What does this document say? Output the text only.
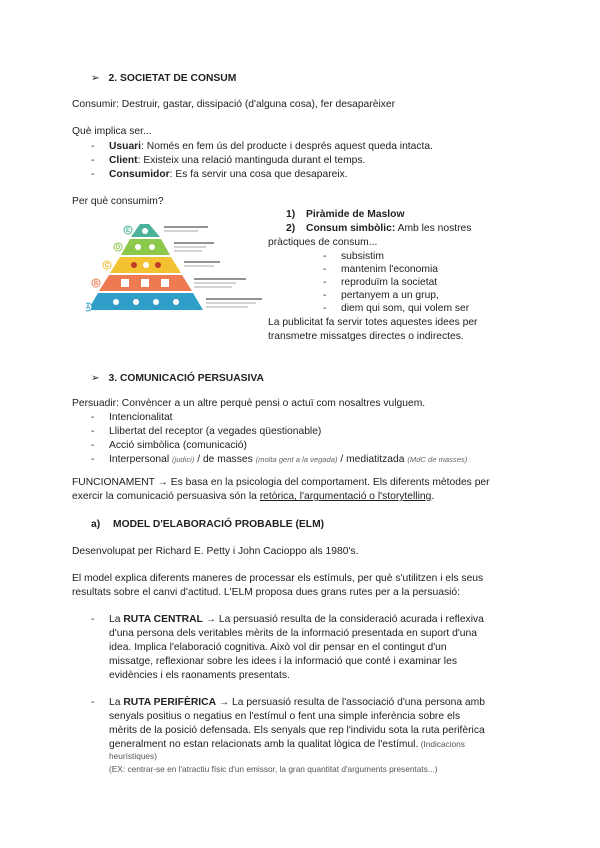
➢ 2. SOCIETAT DE CONSUM
Consumir: Destruir, gastar, dissipació (d'alguna cosa), fer desaparèixer
Què implica ser...
- Usuari: Només en fem ús del producte i després aquest queda intacta.
- Client: Existeix una relació mantinguda durant el temps.
- Consumidor: Es fa servir una cosa que desapareix.
Per què consumim?
E
D
C
B
A
1) Piràmide de Maslow
2) Consum simbòlic: Amb les nostres
pràctiques de consum...
- subsistim
- mantenim l'economia
- reproduïm la societat
- pertanyem a un grup,
- diem qui som, qui volem ser
La publicitat fa servir totes aquestes idees per
transmetre missatges directes o indirectes.
➢ 3. COMUNICACIÓ PERSUASIVA
Persuadir: Convèncer a un altre perquè pensi o actuï com nosaltres vulguem.
- Intencionalitat
- Llibertat del receptor (a vegades qüestionable)
- Acció simbòlica (comunicació)
- Interpersonal (judici) / de masses (molta gent a la vegada) / mediatitzada (MdC de masses)
FUNCIONAMENT → Es basa en la psicologia del comportament. Els diferents mètodes per
exercir la comunicació persuasiva són la retòrica, l'argumentació o l'storytelling.
a) MODEL D'ELABORACIÓ PROBABLE (ELM)
Desenvolupat per Richard E. Petty i John Cacioppo als 1980's.
El model explica diferents maneres de processar els estímuls, per què s'utilitzen i els seus
resultats sobre el canvi d'actitud. L'ELM proposa dues grans rutes per a la persuasió:
- La RUTA CENTRAL → La persuasió resulta de la consideració acurada i reflexiva
d'una persona dels veritables mèrits de la informació presentada en suport d'una
idea. Implica l'elaboració cognitiva. Això vol dir pensar en el contingut d'un
missatge, reflexionar sobre les idees i la informació que conté i examinar les
evidències i els raonaments presentats.
- La RUTA PERIFÈRICA → La persuasió resulta de l'associació d'una persona amb
senyals positius o negatius en l'estímul o fent una simple inferència sobre els
mèrits de la posició defensada. Els senyals que rep l'individu sota la ruta perifèrica
generalment no estan relacionats amb la qualitat lògica de l'estímul. (Indicacions
heurístiques)
(EX: centrar-se en l'atractiu físic d'un emissor, la gran quantitat d'arguments presentats...)
